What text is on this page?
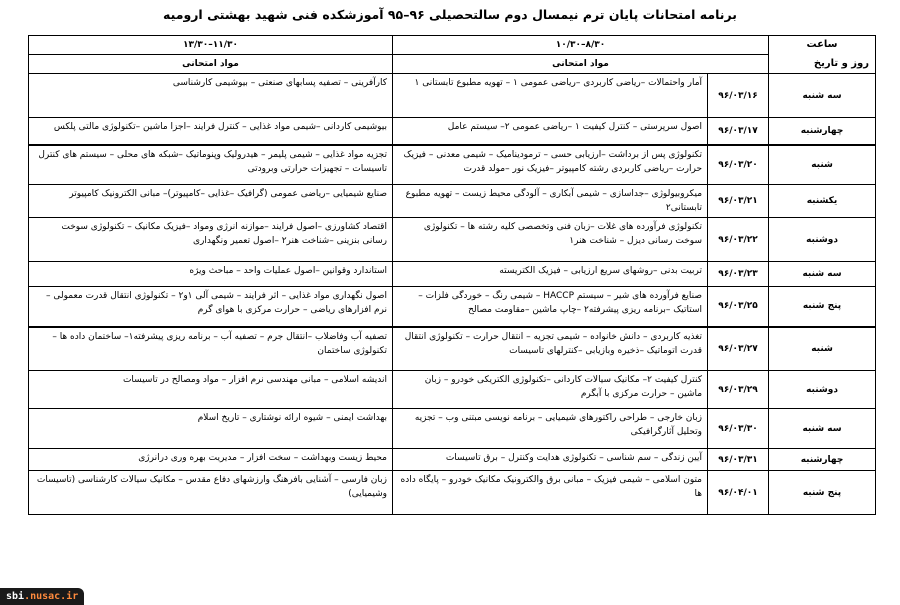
برنامه امتحانات پایان ترم نیمسال دوم سالتحصیلی ۹۶–۹۵ آموزشکده فنی شهید بهشتی ارومیه
ساعت
روز و تاریخ	۸/۳۰–۱۰/۳۰		۱۱/۳۰–۱۳/۳۰
	مواد امتحانی		مواد امتحانی
سه شنبه	۹۶/۰۳/۱۶	آمار واحتمالات –ریاضی کاربردی –ریاضی عمومی ۱ – تهویه مطبوع تابستانی ۱	کارآفرینی – تصفیه پسابهای صنعتی – بیوشیمی کارشناسی
چهارشنبه	۹۶/۰۳/۱۷	اصول سرپرستی – کنترل کیفیت ۱ –ریاضی عمومی ۲– سیستم عامل	بیوشیمی کاردانی –شیمی مواد غذایی – کنترل فرایند –اجزا ماشین –تکنولوژی مالتی پلکس
شنبه	۹۶/۰۳/۲۰	تکنولوژی پس از برداشت –ارزیابی حسی – ترمودینامیک – شیمی معدنی – فیزیک حرارت –ریاضی کاربردی رشته کامپیوتر –فیزیک نور –مولد قدرت	تجزیه مواد غذایی – شیمی پلیمر – هیدرولیک وپنوماتیک –شبکه های محلی – سیستم های کنترل تاسیسات – تجهیزات حرارتی وبرودتی
یکشنبه	۹۶/۰۳/۲۱	میکروبیولوژی –جداسازی – شیمی آبکاری – آلودگی محیط زیست – تهویه مطبوع تابستانی۲	صنایع شیمیایی –ریاضی عمومی (گرافیک –غذایی –کامپیوتر)– مبانی الکترونیک کامپیوتر
دوشنبه	۹۶/۰۳/۲۲	تکنولوژی فرآورده های غلات –زبان فنی وتخصصی کلیه رشته ها – تکنولوژی سوخت رسانی دیزل – شناخت هنر۱	اقتصاد کشاورزی –اصول فرایند –موازنه انرژی ومواد –فیزیک مکانیک – تکنولوژی سوخت رسانی بنزینی –شناخت هنر۲ –اصول تعمیر ونگهداری
سه شنبه	۹۶/۰۳/۲۳	تربیت بدنی –روشهای سریع ارزیابی – فیزیک الکتریسته	استاندارد وقوانین –اصول عملیات واحد – مباحث ویژه
پنج شنبه	۹۶/۰۳/۲۵	صنایع فرآورده های شیر – سیستم HACCP – شیمی رنگ – خوردگی فلزات –استاتیک –برنامه ریزی پیشرفته۲ –چاپ ماشین –مقاومت مصالح	اصول نگهداری مواد غذایی – اثر فرایند – شیمی آلی ۱و۲ – تکنولوژی انتقال قدرت معمولی – نرم افزارهای ریاضی – حرارت مرکزی با هوای گرم
شنبه	۹۶/۰۳/۲۷	تغذیه کاربردی – دانش خانواده – شیمی تجزیه – انتقال حرارت – تکنولوژی انتقال قدرت اتوماتیک –ذخیره وبازیابی –کنترلهای تاسیسات	تصفیه آب وفاضلاب –انتقال جرم – تصفیه آب – برنامه ریزی پیشرفته۱– ساختمان داده ها – تکنولوژی ساختمان
دوشنبه	۹۶/۰۳/۲۹	کنترل کیفیت ۲– مکانیک سیالات کاردانی –تکنولوژی الکتریکی خودرو – زبان ماشین – حرارت مرکزی با آبگرم	اندیشه اسلامی – مبانی مهندسی نرم افزار – مواد ومصالح در تاسیسات
سه شنبه	۹۶/۰۳/۳۰	زبان خارجی – طراحی راکتورهای شیمیایی – برنامه نویسی مبتنی وب – تجزیه وتحلیل آثارگرافیکی	بهداشت ایمنی – شیوه ارائه نوشتاری – تاریخ اسلام
چهارشنبه	۹۶/۰۳/۳۱	آیین زندگی – سم شناسی – تکنولوژی هدایت وکنترل – برق تاسیسات	محیط زیست وبهداشت – سخت افزار – مدیریت بهره وری درانرژی
پنج شنبه	۹۶/۰۴/۰۱	متون اسلامی – شیمی فیزیک – مبانی برق والکترونیک مکانیک خودرو – پایگاه داده ها	زبان فارسی – آشنایی بافرهنگ وارزشهای دفاع مقدس – مکانیک سیالات کارشناسی (تاسیسات وشیمیایی)
sbi.nusac.ir
